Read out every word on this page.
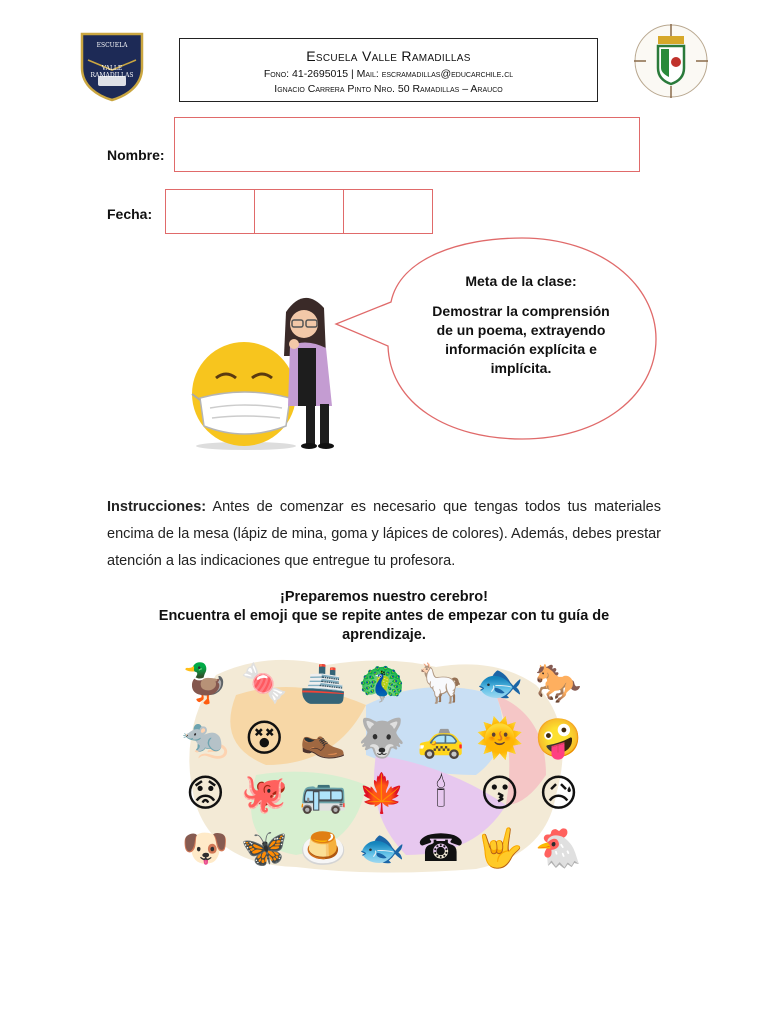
ESCUELA
VALLE
RAMADILLAS
Escuela Valle Ramadillas
Fono: 41-2695015 | Mail: escramadillas@educarchile.cl
Ignacio Carrera Pinto Nro. 50 Ramadillas – Arauco
Nombre:
Fecha:
Meta de la clase:
Demostrar la comprensión de un poema, extrayendo información explícita e implícita.
Instrucciones: Antes de comenzar es necesario que tengas todos tus materiales encima de la mesa (lápiz de mina, goma y lápices de colores). Además, debes prestar atención a las indicaciones que entregue tu profesora.
¡Preparemos nuestro cerebro!
Encuentra el emoji que se repite antes de empezar con tu guía de aprendizaje.
🦆 🍬 🚢 🦚 🦙 🐟 🐎
🐀 😵 👞 🐺 🚕 🌞 🤪
😟 🐙 🚌 🍁 🕯 😗 😥
🐶 🦋 🍮 🐟 ☎ 🤟 🐔
